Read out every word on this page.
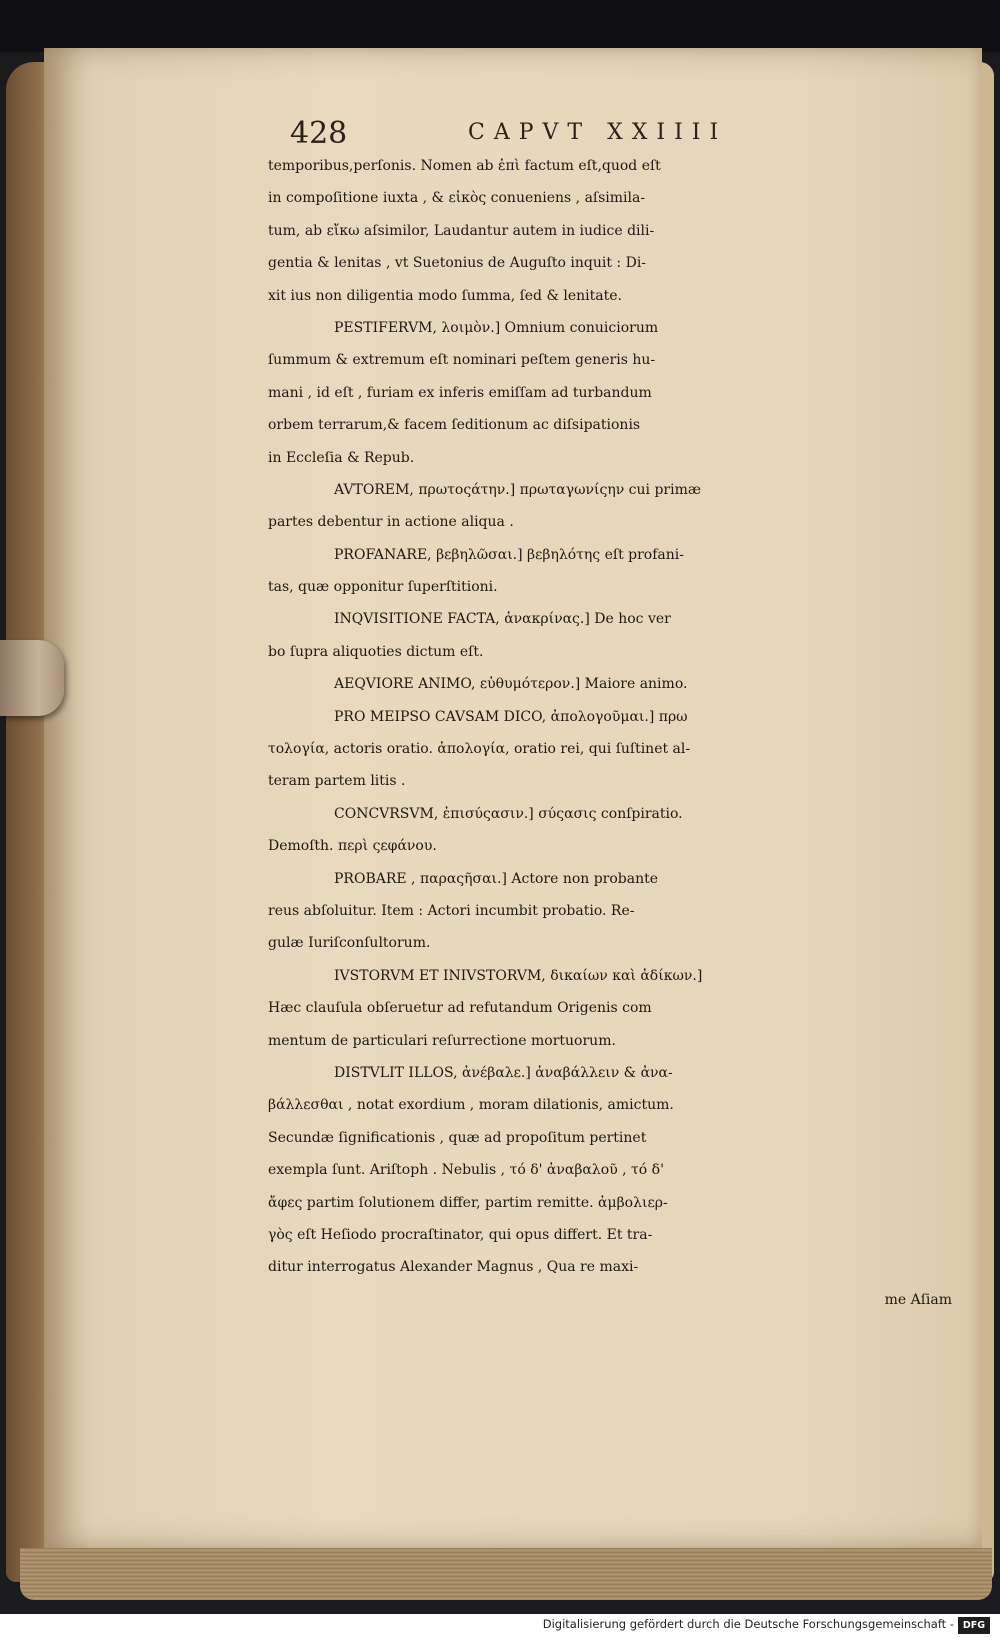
428	CAPVT XXIIII
temporibus,perſonis. Nomen ab ἐπὶ factum eſt,quod eſt
in compoſitione iuxta , & εἰκὸς conueniens , aſsimila-
tum, ab εἴκω aſsimilor, Laudantur autem in iudice dili-
gentia & lenitas , vt Suetonius de Auguſto inquit : Di-
xit ius non diligentia modo ſumma, ſed & lenitate.
PESTIFERVM, λοιμὸν.] Omnium conuiciorum
ſummum & extremum eſt nominari peſtem generis hu-
mani , id eſt , furiam ex inferis emiſſam ad turbandum
orbem terrarum,& facem ſeditionum ac diſsipationis
in Eccleſia & Repub.
AVTOREM, πρωτοςάτην.] πρωταγωνίςην cui primæ
partes debentur in actione aliqua .
PROFANARE, βεβηλῶσαι.] βεβηλότης eſt profani-
tas, quæ opponitur ſuperſtitioni.
INQVISITIONE FACTA, ἀνακρίνας.] De hoc ver
bo ſupra aliquoties dictum eſt.
AEQVIORE ANIMO, εὐθυμότερον.] Maiore animo.
PRO MEIPSO CAVSAM DICO, ἀπολογοῦμαι.] πρω
τολογία, actoris oratio. ἀπολογία, oratio rei, qui ſuſtinet al-
teram partem litis .
CONCVRSVM, ἐπισύςασιν.] σύςασις conſpiratio.
Demoſth. περὶ ςεφάνου.
PROBARE , παραςῆσαι.] Actore non probante
reus abſoluitur. Item : Actori incumbit probatio. Re-
gulæ Iuriſconſultorum.
IVSTORVM ET INIVSTORVM, δικαίων καὶ ἀδίκων.]
Hæc clauſula obſeruetur ad refutandum Origenis com
mentum de particulari reſurrectione mortuorum.
DISTVLIT ILLOS, ἀνέβαλε.] ἀναβάλλειν & ἀνα-
βάλλεσθαι , notat exordium , moram dilationis, amictum.
Secundæ ſignificationis , quæ ad propoſitum pertinet
exempla ſunt. Ariſtoph . Nebulis , τό δ' ἀναβαλοῦ , τό δ'
ἄφες partim ſolutionem differ, partim remitte. ἀμβολιερ-
γὸς eſt Heſiodo procraſtinator, qui opus differt. Et tra-
ditur interrogatus Alexander Magnus , Qua re maxi-
me Aſiam
Digitalisierung gefördert durch die Deutsche Forschungsgemeinschaft - DFG
